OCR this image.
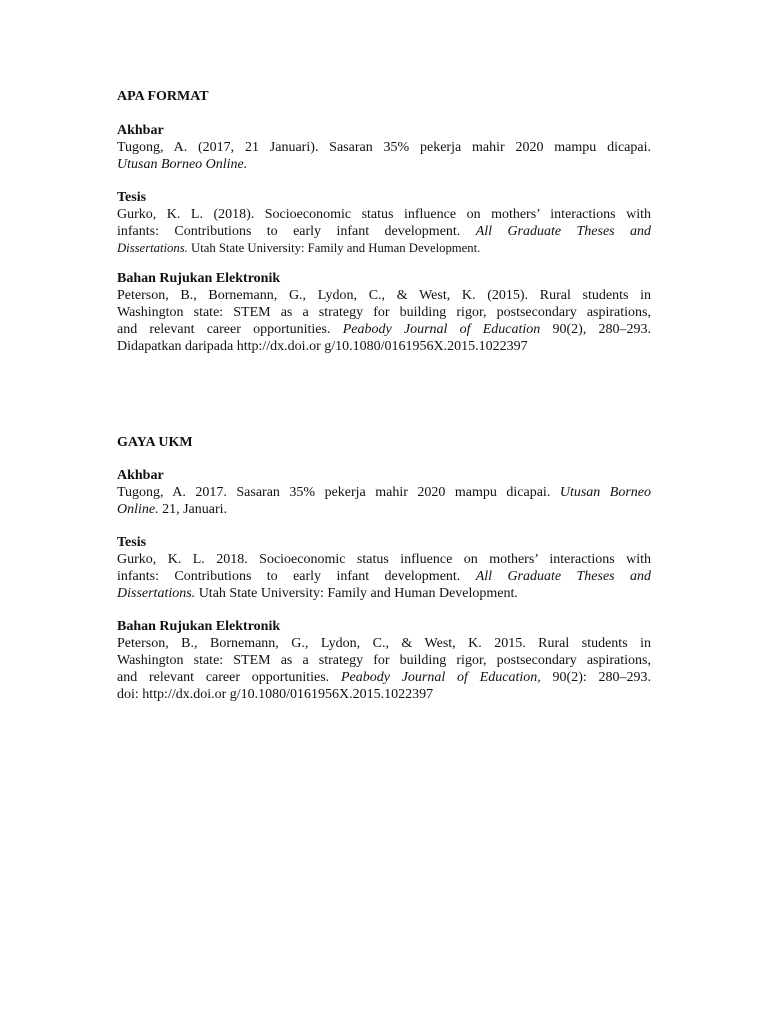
APA FORMAT

Akhbar

Tugong, A. (2017, 21 Januari). Sasaran 35% pekerja mahir 2020 mampu dicapai.
Utusan Borneo Online.

Tesis

Gurko, K. L. (2018). Socioeconomic status influence on mothers’ interactions with
infants: Contributions to early infant development. All Graduate Theses and
Dissertations. Utah State University: Family and Human Development.

Bahan Rujukan Elektronik

Peterson, B., Bornemann, G., Lydon, C., & West, K. (2015). Rural students in
Washington state: STEM as a strategy for building rigor, postsecondary aspirations,
and relevant career opportunities. Peabody Journal of Education 90(2), 280–293.
Didapatkan daripada http://dx.doi.or g/10.1080/0161956X.2015.1022397

GAYA UKM

Akhbar

Tugong, A. 2017. Sasaran 35% pekerja mahir 2020 mampu dicapai. Utusan Borneo
Online. 21, Januari.

Tesis

Gurko, K. L. 2018. Socioeconomic status influence on mothers’ interactions with
infants: Contributions to early infant development. All Graduate Theses and
Dissertations. Utah State University: Family and Human Development.

Bahan Rujukan Elektronik

Peterson, B., Bornemann, G., Lydon, C., & West, K. 2015. Rural students in
Washington state: STEM as a strategy for building rigor, postsecondary aspirations,
and relevant career opportunities. Peabody Journal of Education, 90(2): 280–293.
doi: http://dx.doi.or g/10.1080/0161956X.2015.1022397
